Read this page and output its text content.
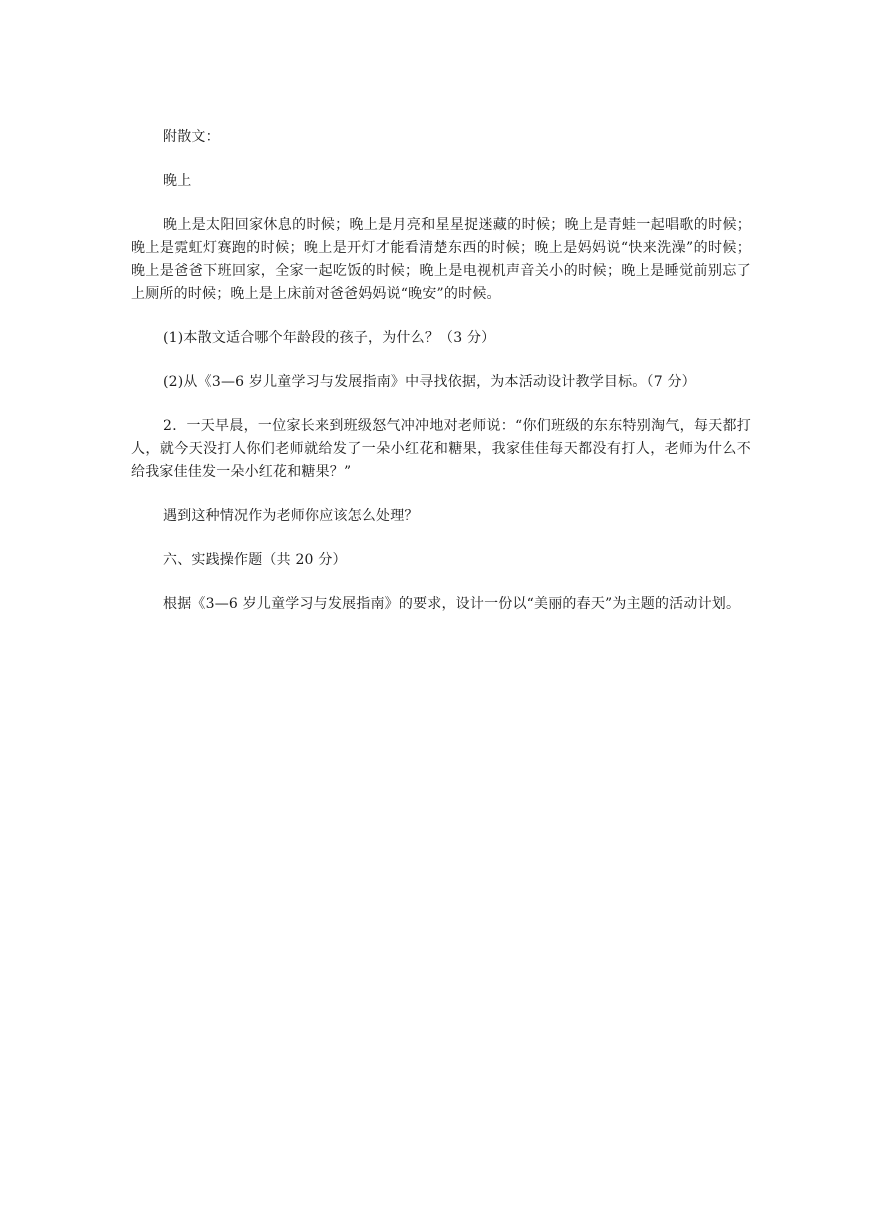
附散文：

晚上

晚上是太阳回家休息的时候；晚上是月亮和星星捉迷藏的时候；晚上是青蛙一起唱歌的时候；晚上是霓虹灯赛跑的时候；晚上是开灯才能看清楚东西的时候；晚上是妈妈说“快来洗澡”的时候；晚上是爸爸下班回家，全家一起吃饭的时候；晚上是电视机声音关小的时候；晚上是睡觉前别忘了上厕所的时候；晚上是上床前对爸爸妈妈说“晚安”的时候。

(1)本散文适合哪个年龄段的孩子，为什么？（3 分）

(2)从《3—6 岁儿童学习与发展指南》中寻找依据，为本活动设计教学目标。（7 分）

2．一天早晨，一位家长来到班级怒气冲冲地对老师说：“你们班级的东东特别淘气，每天都打人，就今天没打人你们老师就给发了一朵小红花和糖果，我家佳佳每天都没有打人，老师为什么不给我家佳佳发一朵小红花和糖果？”

遇到这种情况作为老师你应该怎么处理？

六、实践操作题（共 20 分）

根据《3—6 岁儿童学习与发展指南》的要求，设计一份以“美丽的春天”为主题的活动计划。
